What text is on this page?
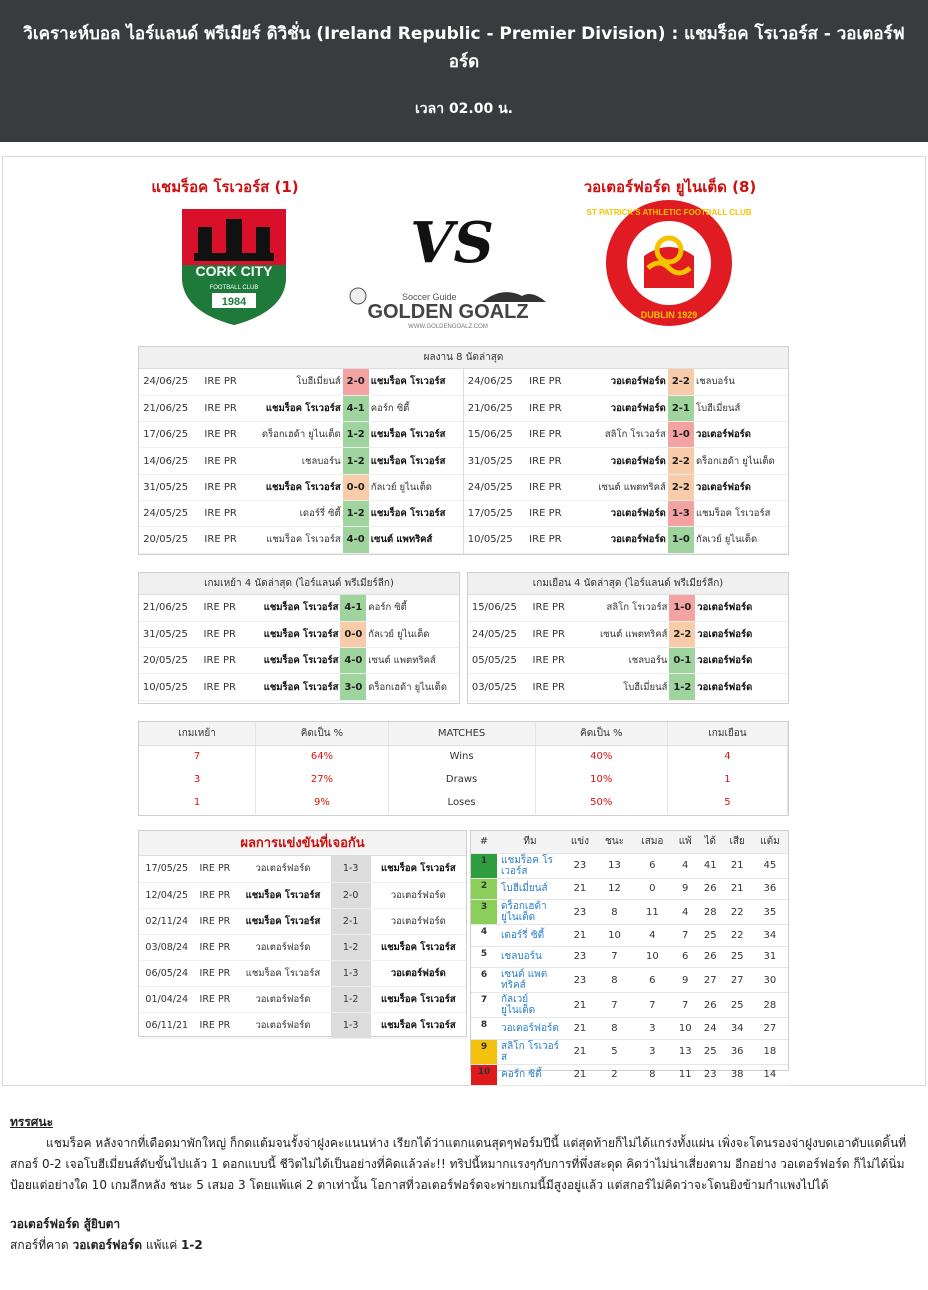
วิเคราะห์บอล ไอร์แลนด์ พรีเมียร์ ดิวิชั่น (Ireland Republic - Premier Division) : แชมร็อค โรเวอร์ส - วอเตอร์ฟอร์ด
เวลา 02.00 น.
แชมร็อค โรเวอร์ส (1)	วอเตอร์ฟอร์ด ยูไนเต็ด (8)
CORK CITY
FOOTBALL CLUB
1984
VS
Soccer Guide
GOLDEN GOALZ
WWW.GOLDENGOALZ.COM
ST PATRICK'S ATHLETIC FOOTBALL CLUB
DUBLIN 1929
ผลงาน 8 นัดล่าสุด
24/06/25	IRE PR	โบฮีเมี่ยนส์	2-0	แชมร็อค โรเวอร์ส
21/06/25	IRE PR	แชมร็อค โรเวอร์ส	4-1	คอร์ก ซิตี้
17/06/25	IRE PR	ดร็อกเฮด้า ยูไนเต็ด	1-2	แชมร็อค โรเวอร์ส
14/06/25	IRE PR	เชลบอร์น	1-2	แชมร็อค โรเวอร์ส
31/05/25	IRE PR	แชมร็อค โรเวอร์ส	0-0	กัลเวย์ ยูไนเต็ด
24/05/25	IRE PR	เดอร์รี่ ซิตี้	1-2	แชมร็อค โรเวอร์ส
20/05/25	IRE PR	แชมร็อค โรเวอร์ส	4-0	เซนต์ แพทริคส์
24/06/25	IRE PR	วอเตอร์ฟอร์ด	2-2	เชลบอร์น
21/06/25	IRE PR	วอเตอร์ฟอร์ด	2-1	โบฮีเมี่ยนส์
15/06/25	IRE PR	สลิโก โรเวอร์ส	1-0	วอเตอร์ฟอร์ด
31/05/25	IRE PR	วอเตอร์ฟอร์ด	2-2	ดร็อกเฮด้า ยูไนเต็ด
24/05/25	IRE PR	เซนต์ แพตทริคส์	2-2	วอเตอร์ฟอร์ด
17/05/25	IRE PR	วอเตอร์ฟอร์ด	1-3	แชมร็อค โรเวอร์ส
10/05/25	IRE PR	วอเตอร์ฟอร์ด	1-0	กัลเวย์ ยูไนเต็ด
เกมเหย้า 4 นัดล่าสุด (ไอร์แลนด์ พรีเมียร์ลีก)
21/06/25	IRE PR	แชมร็อค โรเวอร์ส	4-1	คอร์ก ซิตี้
31/05/25	IRE PR	แชมร็อค โรเวอร์ส	0-0	กัลเวย์ ยูไนเต็ด
20/05/25	IRE PR	แชมร็อค โรเวอร์ส	4-0	เซนต์ แพตทริคส์
10/05/25	IRE PR	แชมร็อค โรเวอร์ส	3-0	ดร็อกเฮด้า ยูไนเต็ด
เกมเยือน 4 นัดล่าสุด (ไอร์แลนด์ พรีเมียร์ลีก)
15/06/25	IRE PR	สลิโก โรเวอร์ส	1-0	วอเตอร์ฟอร์ด
24/05/25	IRE PR	เซนต์ แพตทริคส์	2-2	วอเตอร์ฟอร์ด
05/05/25	IRE PR	เชลบอร์น	0-1	วอเตอร์ฟอร์ด
03/05/25	IRE PR	โบฮีเมี่ยนส์	1-2	วอเตอร์ฟอร์ด
เกมเหย้า	คิดเป็น %	MATCHES	คิดเป็น %	เกมเยือน
7	64%	Wins	40%	4
3	27%	Draws	10%	1
1	9%	Loses	50%	5
ผลการแข่งขันที่เจอกัน
17/05/25	IRE PR	วอเตอร์ฟอร์ด	1-3	แชมร็อค โรเวอร์ส
12/04/25	IRE PR	แชมร็อค โรเวอร์ส	2-0	วอเตอร์ฟอร์ด
02/11/24	IRE PR	แชมร็อค โรเวอร์ส	2-1	วอเตอร์ฟอร์ด
03/08/24	IRE PR	วอเตอร์ฟอร์ด	1-2	แชมร็อค โรเวอร์ส
06/05/24	IRE PR	แชมร็อค โรเวอร์ส	1-3	วอเตอร์ฟอร์ด
01/04/24	IRE PR	วอเตอร์ฟอร์ด	1-2	แชมร็อค โรเวอร์ส
06/11/21	IRE PR	วอเตอร์ฟอร์ด	1-3	แชมร็อค โรเวอร์ส
#	ทีม	แข่ง	ชนะ	เสมอ	แพ้	ได้	เสีย	แต้ม
1	แชมร็อค โรเวอร์ส	23	13	6	4	41	21	45
2	โบฮีเมี่ยนส์	21	12	0	9	26	21	36
3	ดร็อกเฮด้า ยูไนเต็ด	23	8	11	4	28	22	35
4	เดอร์รี่ ซิตี้	21	10	4	7	25	22	34
5	เชลบอร์น	23	7	10	6	26	25	31
6	เซนต์ แพตทริคส์	23	8	6	9	27	27	30
7	กัลเวย์ ยูไนเต็ด	21	7	7	7	26	25	28
8	วอเตอร์ฟอร์ด	21	8	3	10	24	34	27
9	สลิโก โรเวอร์ส	21	5	3	13	25	36	18
10	คอร์ก ซิตี้	21	2	8	11	23	38	14
ทรรศนะ

แชมร็อค หลังจากที่เดือดมาพักใหญ่ ก็กดแต้มจนรั้งจ่าฝูงคะแนนห่าง เรียกได้ว่าแตกแดนสุดๆฟอร์มปีนี้ แต่สุดท้ายก็ไม่ได้แกร่งทั้งแผ่น เพิ่งจะโดนรองจ่าฝูงบดเอาดับแดดิ้นที่สกอร์ 0-2 เจอโบฮีเมี่ยนส์ดับขั้นไปแล้ว 1 ดอกแบบนี้ ชีวิตไม่ได้เป็นอย่างที่คิดแล้วล่ะ!! ทริปนี้หมากแรงๆกับการที่พึ่งสะดุด คิดว่าไม่น่าเสี่ยงตาม อีกอย่าง วอเตอร์ฟอร์ด ก็ไม่ได้นิ่มป้อยแต่อย่างใด 10 เกมลีกหลัง ชนะ 5 เสมอ 3 โดยแพ้แค่ 2 ตาเท่านั้น โอกาสที่วอเตอร์ฟอร์ดจะพ่ายเกมนี้มีสูงอยู่แล้ว แต่สกอร์ไม่คิดว่าจะโดนยิงข้ามกำแพงไปได้

วอเตอร์ฟอร์ด สู้ยิบตา
สกอร์ที่คาด วอเตอร์ฟอร์ด แพ้แค่ 1-2
